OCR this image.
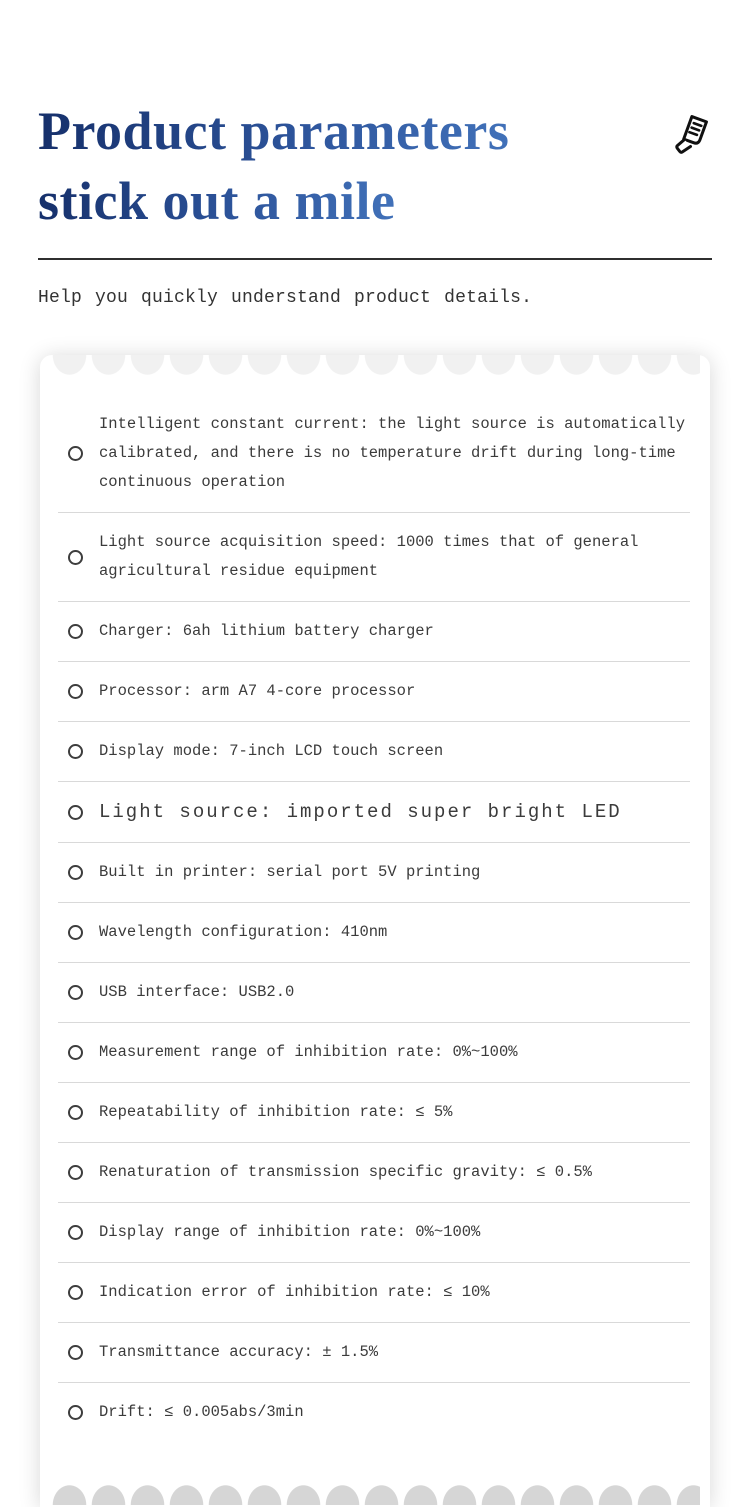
Product parameters
stick out a mile
Help you quickly understand product details.
Intelligent constant current: the light source is automatically calibrated, and there is no temperature drift during long-time continuous operation
Light source acquisition speed: 1000 times that of general agricultural residue equipment
Charger: 6ah lithium battery charger
Processor: arm A7 4-core processor
Display mode: 7-inch LCD touch screen
Light source: imported super bright LED
Built in printer: serial port 5V printing
Wavelength configuration: 410nm
USB interface: USB2.0
Measurement range of inhibition rate: 0%~100%
Repeatability of inhibition rate: ≤ 5%
Renaturation of transmission specific gravity: ≤ 0.5%
Display range of inhibition rate: 0%~100%
Indication error of inhibition rate: ≤ 10%
Transmittance accuracy: ± 1.5%
Drift: ≤ 0.005abs/3min
